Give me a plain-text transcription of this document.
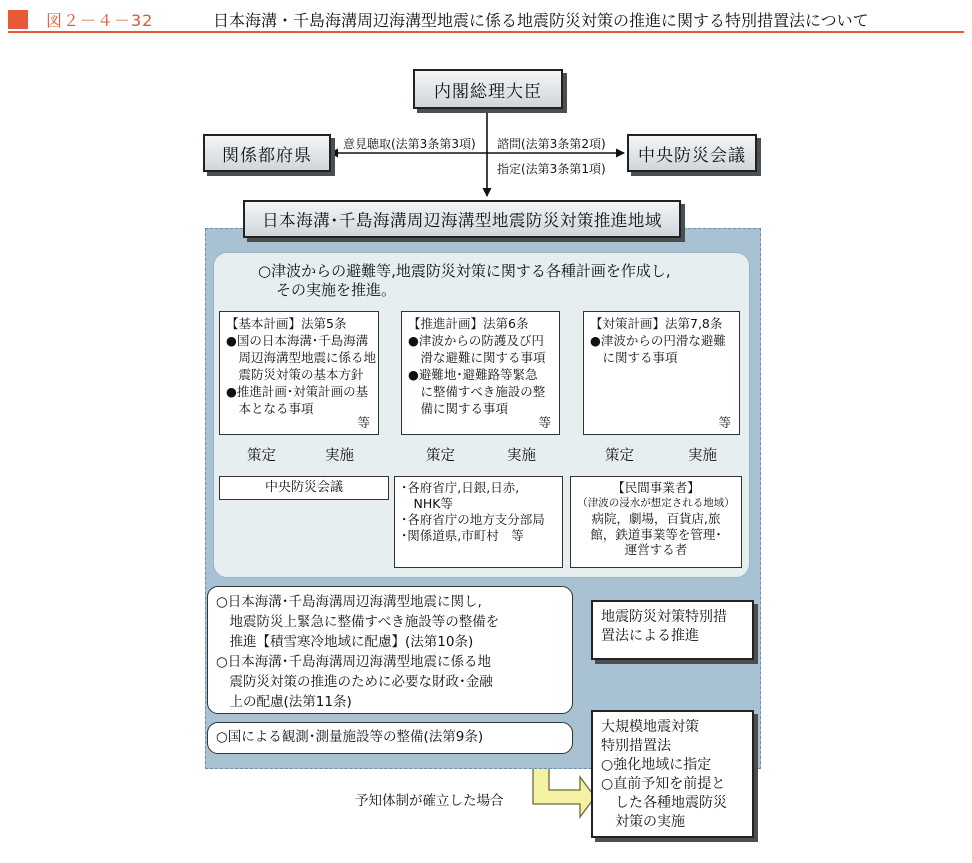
図２－４－32	日本海溝・千島海溝周辺海溝型地震に係る地震防災対策の推進に関する特別措置法について
内閣総理大臣
関係都府県	中央防災会議
意見聴取(法第3条第3項) 諮問(法第3条第2項)
指定(法第3条第1項)
日本海溝･千島海溝周辺海溝型地震防災対策推進地域
○津波からの避難等,地震防災対策に関する各種計画を作成し,
その実施を推進。
【基本計画】法第5条
●国の日本海溝･千島海溝
　周辺海溝型地震に係る地
　震防災対策の基本方針
●推進計画･対策計画の基
　本となる事項
等
【推進計画】法第6条
●津波からの防護及び円
　滑な避難に関する事項
●避難地･避難路等緊急
　に整備すべき施設の整
　備に関する事項
等
【対策計画】法第7,8条
●津波からの円滑な避難
　に関する事項
等
策定	実施	策定	実施	策定	実施
中央防災会議	･各府省庁,日銀,日赤,
　NHK等
･各府省庁の地方支分部局
･関係道県,市町村　等
【民間事業者】
（津波の浸水が想定される地域）
病院，劇場，百貨店,旅
館，鉄道事業等を管理･
運営する者
○日本海溝･千島海溝周辺海溝型地震に関し,
　地震防災上緊急に整備すべき施設等の整備を
　推進【積雪寒冷地域に配慮】(法第10条)
○日本海溝･千島海溝周辺海溝型地震に係る地
　震防災対策の推進のために必要な財政･金融
　上の配慮(法第11条)
○国による観測･測量施設等の整備(法第9条)
地震防災対策特別措
置法による推進
大規模地震対策
特別措置法
○強化地域に指定
○直前予知を前提と
　した各種地震防災
　対策の実施
予知体制が確立した場合
